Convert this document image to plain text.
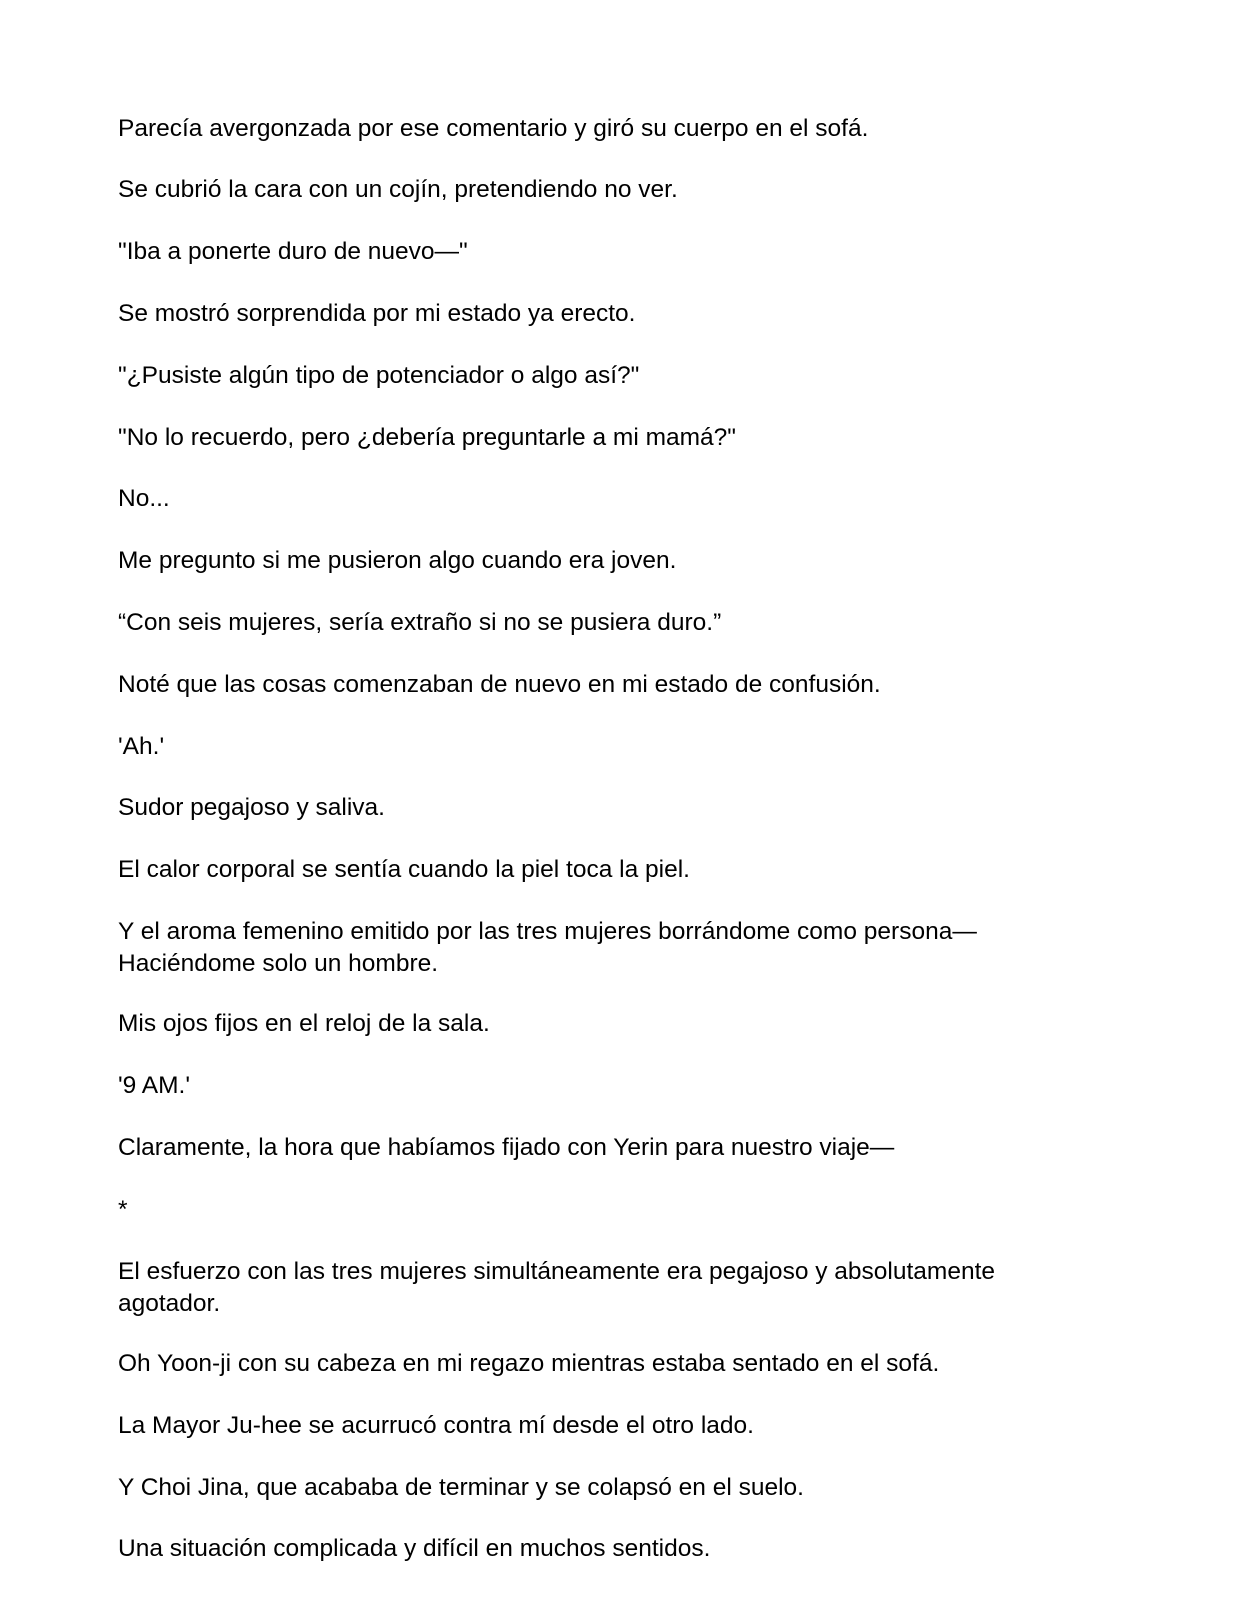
Parecía avergonzada por ese comentario y giró su cuerpo en el sofá.

Se cubrió la cara con un cojín, pretendiendo no ver.

"Iba a ponerte duro de nuevo—"

Se mostró sorprendida por mi estado ya erecto.

"¿Pusiste algún tipo de potenciador o algo así?"

"No lo recuerdo, pero ¿debería preguntarle a mi mamá?"

No...

Me pregunto si me pusieron algo cuando era joven.

“Con seis mujeres, sería extraño si no se pusiera duro.”

Noté que las cosas comenzaban de nuevo en mi estado de confusión.

'Ah.'

Sudor pegajoso y saliva.

El calor corporal se sentía cuando la piel toca la piel.

Y el aroma femenino emitido por las tres mujeres borrándome como persona—
Haciéndome solo un hombre.

Mis ojos fijos en el reloj de la sala.

'9 AM.'

Claramente, la hora que habíamos fijado con Yerin para nuestro viaje—

*

El esfuerzo con las tres mujeres simultáneamente era pegajoso y absolutamente
agotador.

Oh Yoon-ji con su cabeza en mi regazo mientras estaba sentado en el sofá.

La Mayor Ju-hee se acurrucó contra mí desde el otro lado.

Y Choi Jina, que acababa de terminar y se colapsó en el suelo.

Una situación complicada y difícil en muchos sentidos.
